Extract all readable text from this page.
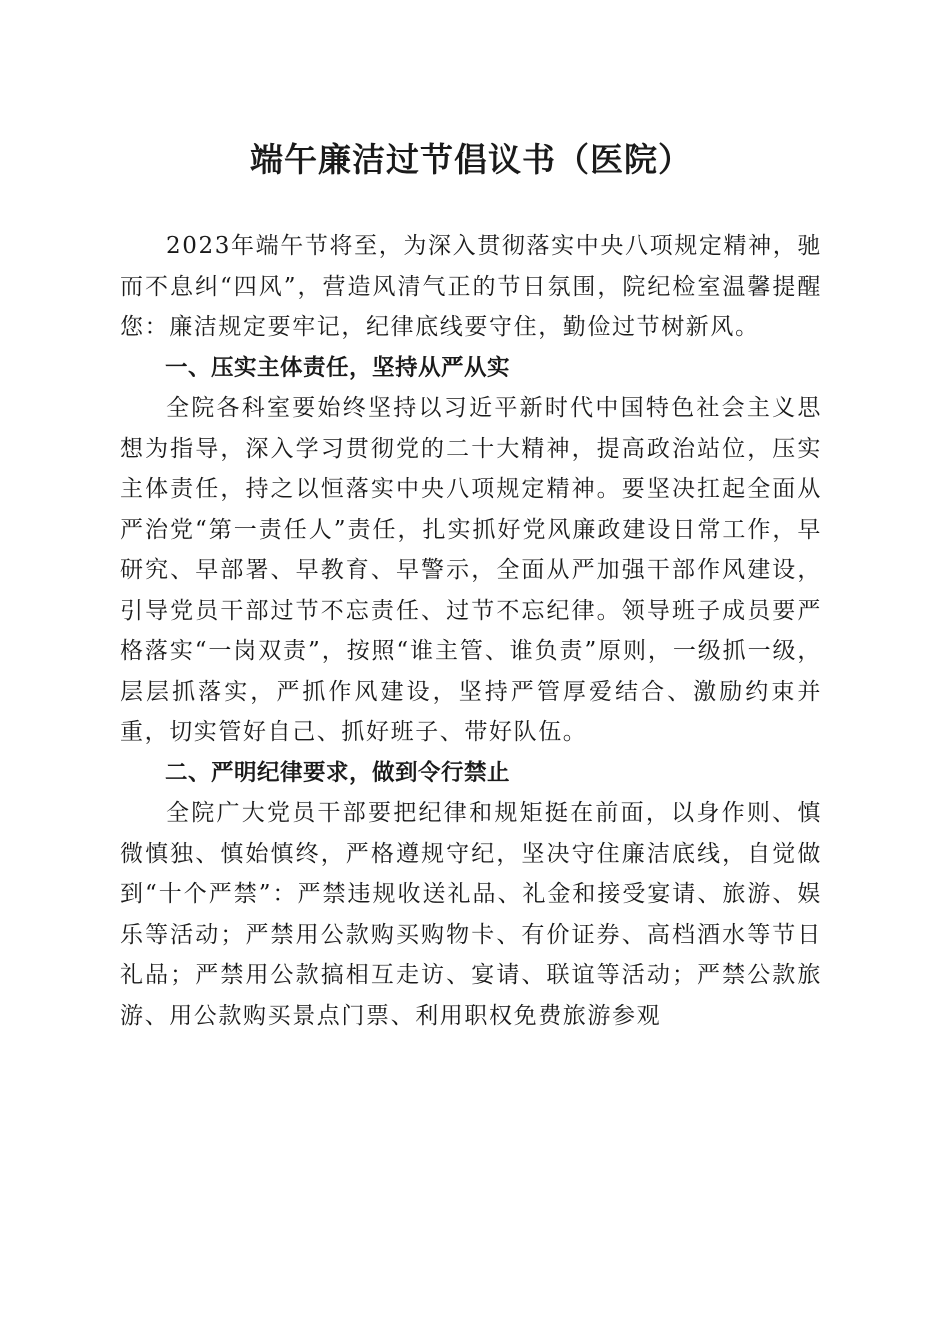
端午廉洁过节倡议书（医院）

2023年端午节将至，为深入贯彻落实中央八项规定精神，驰而不息纠“四风”，营造风清气正的节日氛围，院纪检室温馨提醒您：廉洁规定要牢记，纪律底线要守住，勤俭过节树新风。

一、压实主体责任，坚持从严从实

全院各科室要始终坚持以习近平新时代中国特色社会主义思想为指导，深入学习贯彻党的二十大精神，提高政治站位，压实主体责任，持之以恒落实中央八项规定精神。要坚决扛起全面从严治党“第一责任人”责任，扎实抓好党风廉政建设日常工作，早研究、早部署、早教育、早警示，全面从严加强干部作风建设，引导党员干部过节不忘责任、过节不忘纪律。领导班子成员要严格落实“一岗双责”，按照“谁主管、谁负责”原则，一级抓一级，层层抓落实，严抓作风建设，坚持严管厚爱结合、激励约束并重，切实管好自己、抓好班子、带好队伍。

二、严明纪律要求，做到令行禁止

全院广大党员干部要把纪律和规矩挺在前面，以身作则、慎微慎独、慎始慎终，严格遵规守纪，坚决守住廉洁底线，自觉做到“十个严禁”：严禁违规收送礼品、礼金和接受宴请、旅游、娱乐等活动；严禁用公款购买购物卡、有价证券、高档酒水等节日礼品；严禁用公款搞相互走访、宴请、联谊等活动；严禁公款旅游、用公款购买景点门票、利用职权免费旅游参观
